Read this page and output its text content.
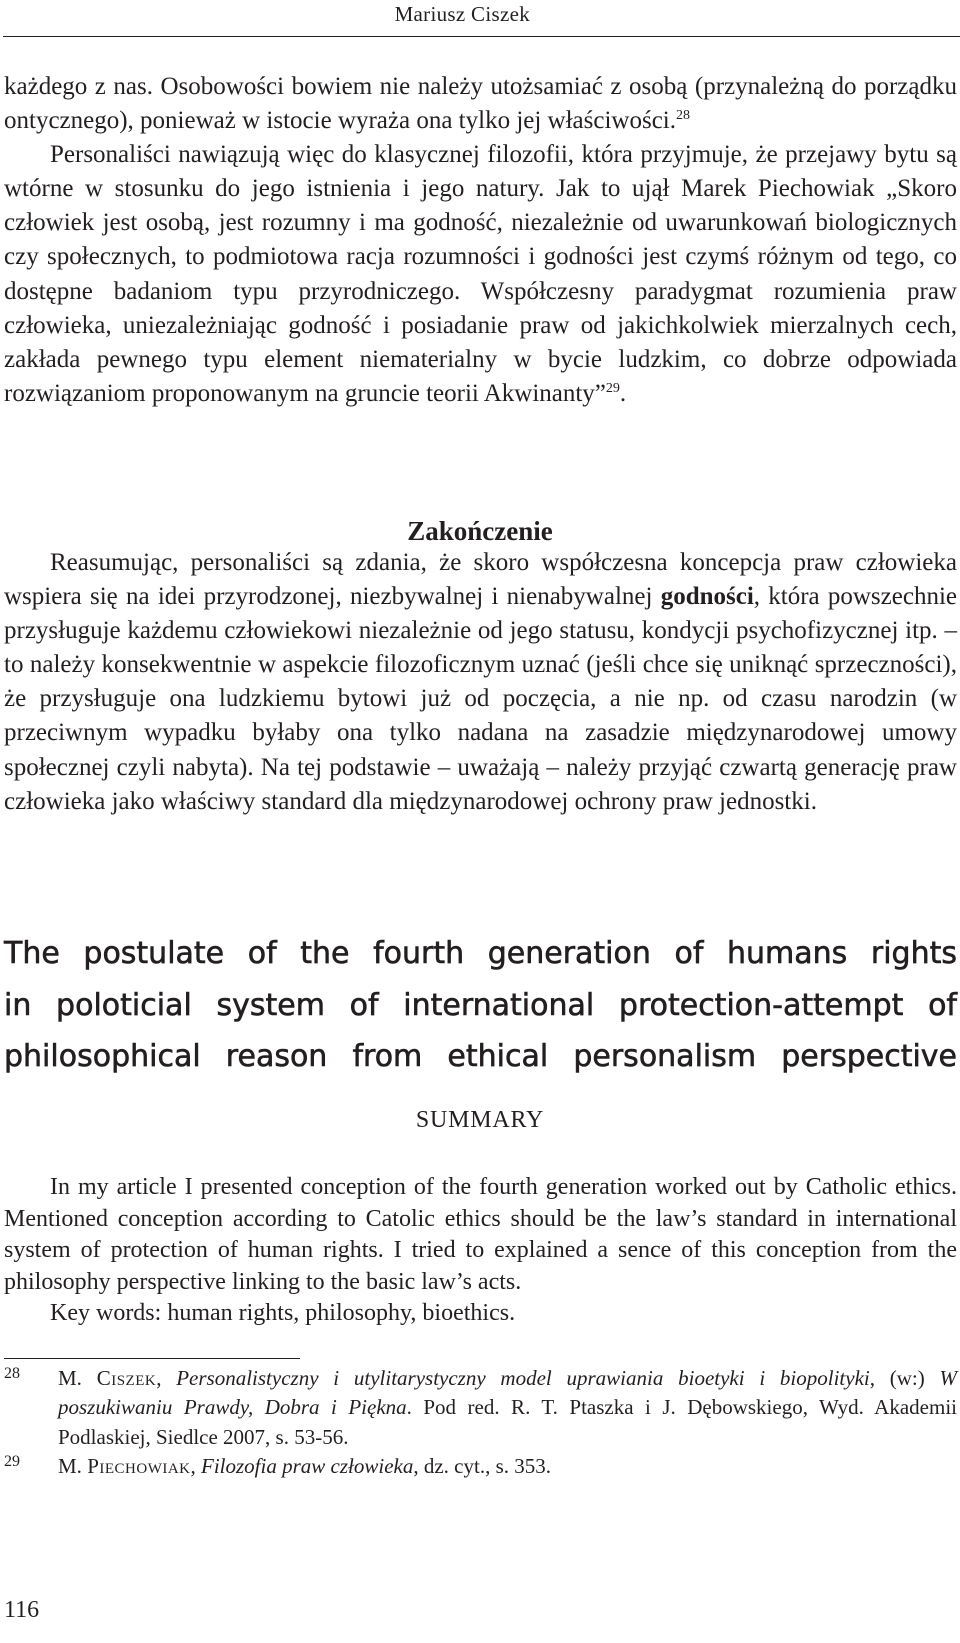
Mariusz Ciszek

każdego z nas. Osobowości bowiem nie należy utożsamiać z osobą (przynależną do porządku ontycznego), ponieważ w istocie wyraża ona tylko jej właściwości.$^{28}$

Personaliści nawiązują więc do klasycznej filozofii, która przyjmuje, że przejawy bytu są wtórne w stosunku do jego istnienia i jego natury. Jak to ujął Marek Piechowiak „Skoro człowiek jest osobą, jest rozumny i ma godność, niezależnie od uwarunkowań biologicznych czy społecznych, to podmiotowa racja rozumności i godności jest czymś różnym od tego, co dostępne badaniom typu przyrodniczego. Współczesny paradygmat rozumienia praw człowieka, uniezależniając godność i posiadanie praw od jakichkolwiek mierzalnych cech, zakłada pewnego typu element niematerialny w bycie ludzkim, co dobrze odpowiada rozwiązaniom proponowanym na gruncie teorii Akwinanty”$^{29}$.

Zakończenie

Reasumując, personaliści są zdania, że skoro współczesna koncepcja praw człowieka wspiera się na idei przyrodzonej, niezbywalnej i nienabywalnej godności, która powszechnie przysługuje każdemu człowiekowi niezależnie od jego statusu, kondycji psychofizycznej itp. – to należy konsekwentnie w aspekcie filozoficznym uznać (jeśli chce się uniknąć sprzeczności), że przysługuje ona ludzkiemu bytowi już od poczęcia, a nie np. od czasu narodzin (w przeciwnym wypadku byłaby ona tylko nadana na zasadzie międzynarodowej umowy społecznej czyli nabyta). Na tej podstawie – uważają – należy przyjąć czwartą generację praw człowieka jako właściwy standard dla międzynarodowej ochrony praw jednostki.

The postulate of the fourth generation of humans rights
in poloticial system of international protection-attempt of
philosophical reason from ethical personalism perspective
SUMMARY

In my article I presented conception of the fourth generation worked out by Catholic ethics. Mentioned conception according to Catolic ethics should be the law’s standard in international system of protection of human rights. I tried to explained a sence of this conception from the philosophy perspective linking to the basic law’s acts.

Key words: human rights, philosophy, bioethics.

28 M. Ciszek, Personalistyczny i utylitarystyczny model uprawiania bioetyki i biopolityki, (w:) W poszukiwaniu Prawdy, Dobra i Piękna. Pod red. R. T. Ptaszka i J. Dębowskiego, Wyd. Akademii Podlaskiej, Siedlce 2007, s. 53-56.
29 M. Piechowiak, Filozofia praw człowieka, dz. cyt., s. 353.
116
